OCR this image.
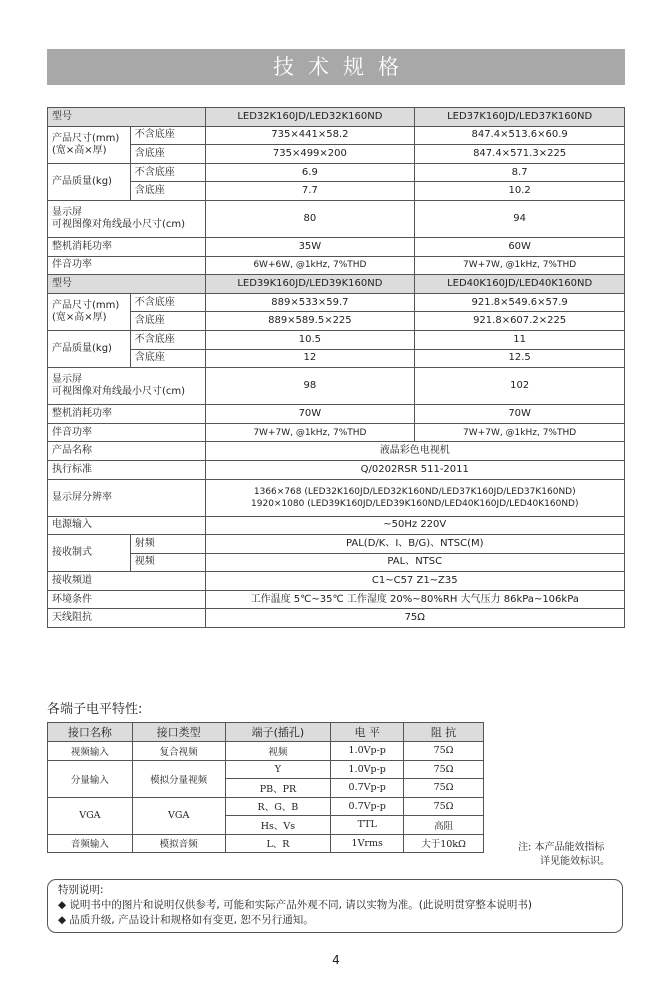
技术规格
型号		LED32K160JD/LED32K160ND	LED37K160JD/LED37K160ND

产品尺寸(mm)
(宽×高×厚)	不含底座	735×441×58.2	847.4×513.6×60.9
	含底座	735×499×200	847.4×571.3×225
产品质量(kg)	不含底座	6.9	8.7
	含底座	7.7	10.2

显示屏
可视图像对角线最小尺寸(cm)		80	94
整机消耗功率		35W	60W
伴音功率		6W+6W, @1kHz, 7%THD	7W+7W, @1kHz, 7%THD
型号		LED39K160JD/LED39K160ND	LED40K160JD/LED40K160ND

产品尺寸(mm)
(宽×高×厚)	不含底座	889×533×59.7	921.8×549.6×57.9
	含底座	889×589.5×225	921.8×607.2×225
产品质量(kg)	不含底座	10.5	11
	含底座	12	12.5

显示屏
可视图像对角线最小尺寸(cm)		98	102
整机消耗功率		70W	70W
伴音功率		7W+7W, @1kHz, 7%THD	7W+7W, @1kHz, 7%THD
产品名称		液晶彩色电视机	
执行标准		Q/0202RSR 511-2011	
显示屏分辨率		1366×768 (LED32K160JD/LED32K160ND/LED37K160JD/LED37K160ND)
1920×1080 (LED39K160JD/LED39K160ND/LED40K160JD/LED40K160ND)	

电源输入		~50Hz 220V	
接收制式	射频	PAL(D/K、I、B/G)、NTSC(M)	
	视频	PAL、NTSC	
接收频道		C1~C57 Z1~Z35	
环境条件		工作温度 5℃~35℃ 工作湿度 20%~80%RH 大气压力 86kPa~106kPa	
天线阻抗		75Ω	
各端子电平特性:
接口名称	接口类型	端子(插孔)	电 平	阻 抗
视频输入	复合视频	视频	1.0Vp-p	75Ω
分量输入	模拟分量视频	Y	1.0Vp-p	75Ω
		PB、PR	0.7Vp-p	75Ω
VGA	VGA	R、G、B	0.7Vp-p	75Ω
		Hs、Vs	TTL	高阻
音频输入	模拟音频	L、R	1Vrms	大于10kΩ	注: 本产品能效指标
详见能效标识。
特别说明:
◆ 说明书中的图片和说明仅供参考, 可能和实际产品外观不同, 请以实物为准。(此说明贯穿整本说明书)
◆ 品质升级, 产品设计和规格如有变更, 恕不另行通知。
4
